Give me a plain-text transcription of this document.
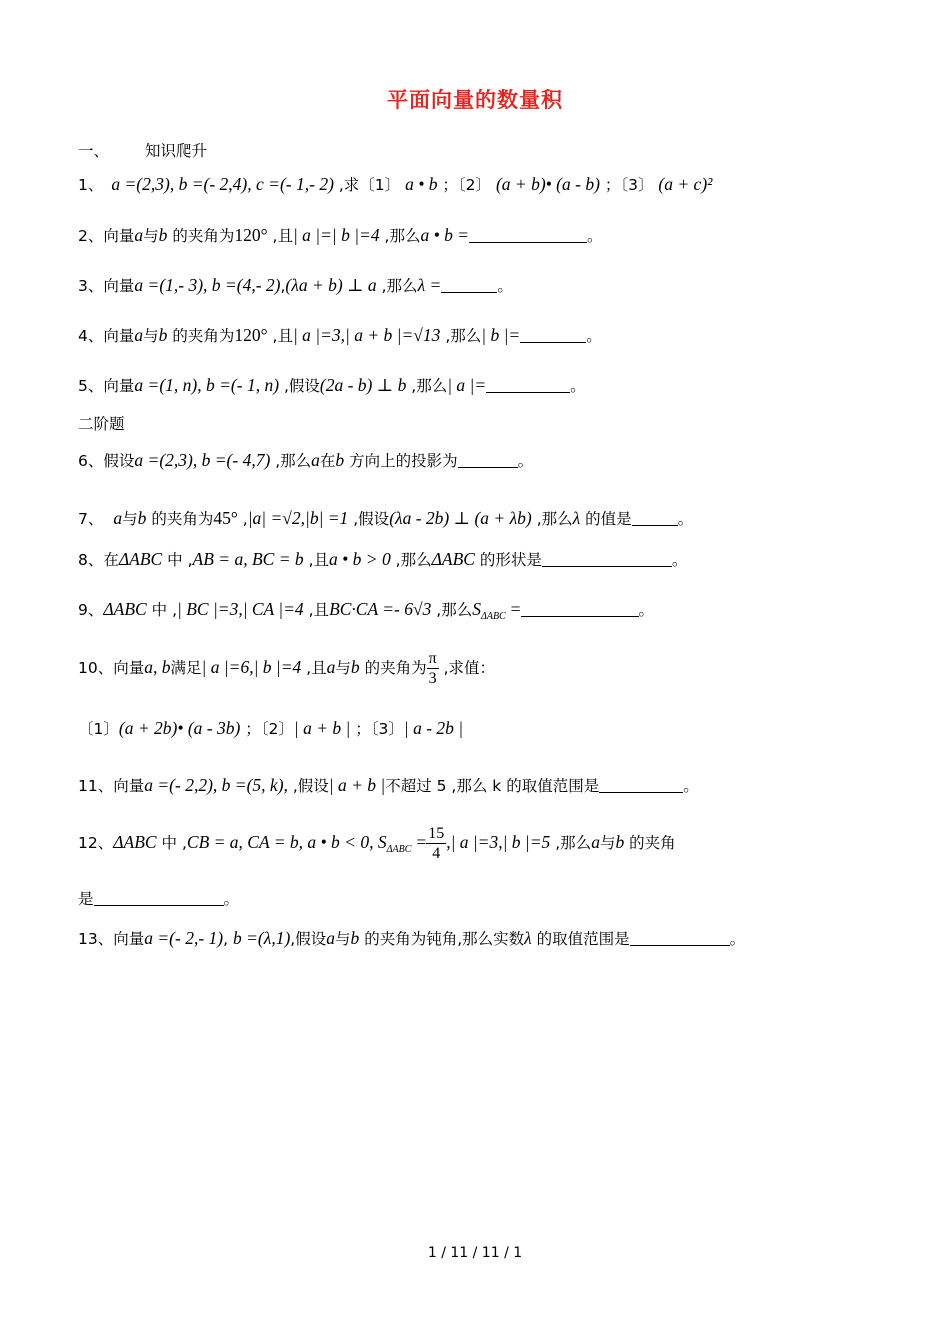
平面向量的数量积
一、 知识爬升
1、 a =(2,3), b =(- 2,4), c =(- 1,- 2) ,求〔1〕 a • b ；〔2〕 (a + b)• (a - b) ；〔3〕 (a + c)²
2、向量a与b 的夹角为120° ,且| a |=| b |=4 ,那么a • b =	。
3、向量a =(1,- 3), b =(4,- 2),(λa + b) ⊥ a ,那么λ =	。
4、向量a与b 的夹角为120° ,且| a |=3,| a + b |=√13 ,那么| b |=	。
5、向量a =(1, n), b =(- 1, n) ,假设(2a - b) ⊥ b ,那么| a |=	。
二阶题
6、假设a =(2,3), b =(- 4,7) ,那么a在b 方向上的投影为	。
7、 a与b 的夹角为45° ,|a| =√2,|b| =1 ,假设(λa - 2b) ⊥ (a + λb) ,那么λ 的值是	。
8、在ΔABC 中 ,AB = a, BC = b ,且a • b > 0 ,那么ΔABC 的形状是	。
9、ΔABC 中 ,| BC |=3,| CA |=4 ,且BC·CA =- 6√3 ,那么$S_{\Delta ABC}$ =	。
10、向量a, b满足| a |=6,| b |=4 ,且a与b 的夹角为 $\frac{\pi}{3}$ ,求值：
〔1〕(a + 2b)• (a - 3b) ；〔2〕| a + b | ；〔3〕| a - 2b |
11、向量a =(- 2,2), b =(5, k), ,假设| a + b |不超过 5 ,那么 k 的取值范围是	。
12、ΔABC 中 ,CB = a, CA = b, a • b < 0, $S_{\Delta ABC} = \frac{15}{4}$ ,| a |=3,| b |=5 ,那么a与b 的夹角
是	。
13、向量a =(- 2,- 1), b =(λ,1),假设a与b 的夹角为钝角,那么实数λ 的取值范围是	。
1 / 11 / 11 / 1
